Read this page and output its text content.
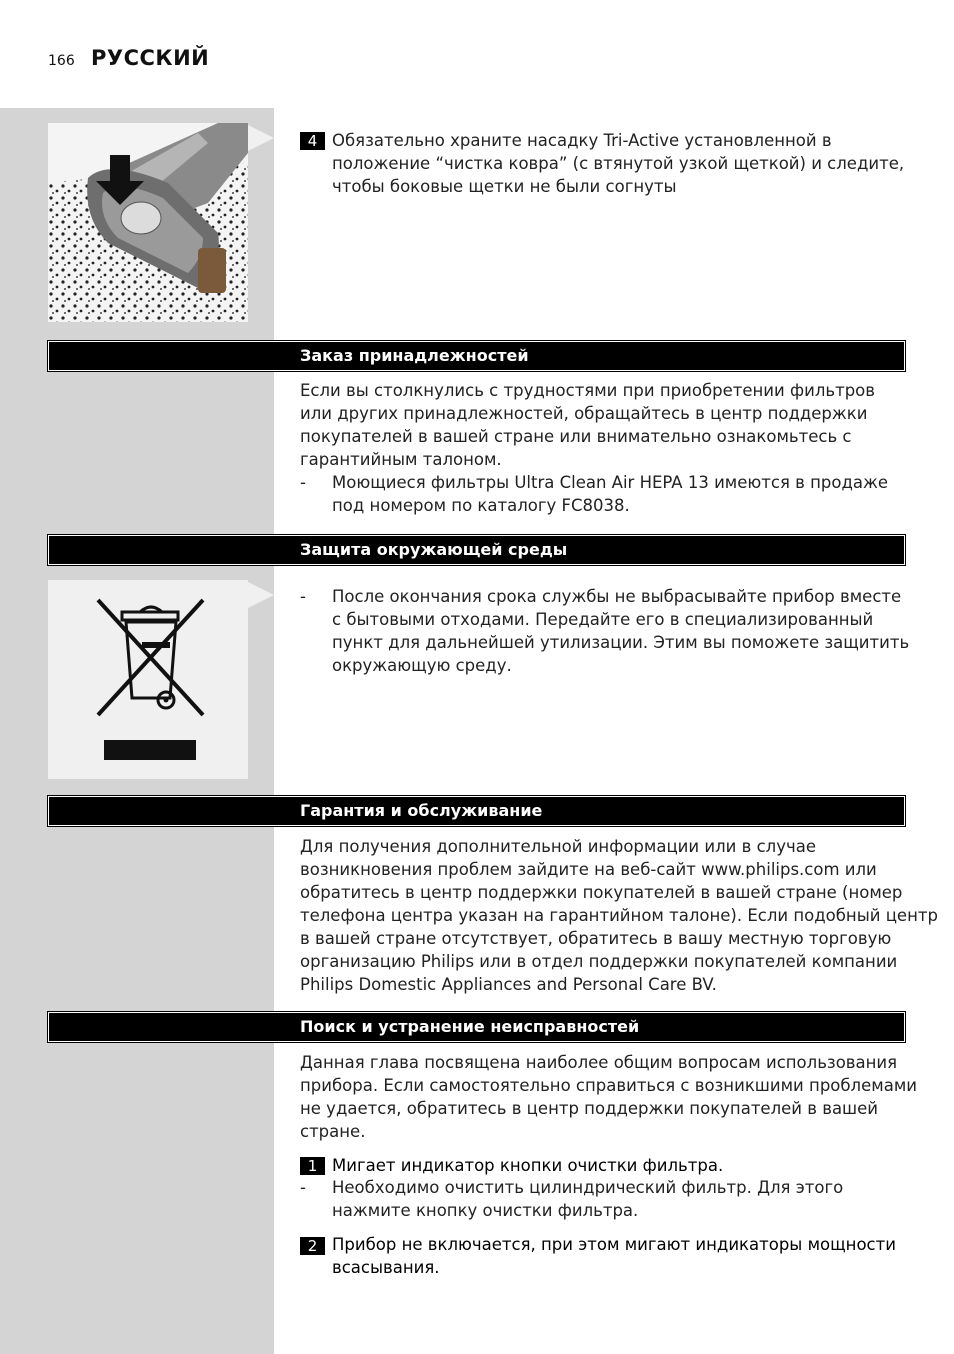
166 РУССКИЙ
4 Обязательно храните насадку Tri-Active установленной в
положение “чистка ковра” (с втянутой узкой щеткой) и следите,
чтобы боковые щетки не были согнуты
Заказ принадлежностей
Если вы столкнулись с трудностями при приобретении фильтров
или других принадлежностей, обращайтесь в центр поддержки
покупателей в вашей стране или внимательно ознакомьтесь с
гарантийным талоном.
- Моющиеся фильтры Ultra Clean Air HEPA 13 имеются в продаже
под номером по каталогу FC8038.
Защита окружающей среды
- После окончания срока службы не выбрасывайте прибор вместе
с бытовыми отходами. Передайте его в специализированный
пункт для дальнейшей утилизации. Этим вы поможете защитить
окружающую среду.
Гарантия и обслуживание
Для получения дополнительной информации или в случае
возникновения проблем зайдите на веб-сайт www.philips.com или
обратитесь в центр поддержки покупателей в вашей стране (номер
телефона центра указан на гарантийном талоне). Если подобный центр
в вашей стране отсутствует, обратитесь в вашу местную торговую
организацию Philips или в отдел поддержки покупателей компании
Philips Domestic Appliances and Personal Care BV.
Поиск и устранение неисправностей
Данная глава посвящена наиболее общим вопросам использования
прибора. Если самостоятельно справиться с возникшими проблемами
не удается, обратитесь в центр поддержки покупателей в вашей
стране.
1 Мигает индикатор кнопки очистки фильтра.
- Необходимо очистить цилиндрический фильтр. Для этого
нажмите кнопку очистки фильтра.
2 Прибор не включается, при этом мигают индикаторы мощности
всасывания.
